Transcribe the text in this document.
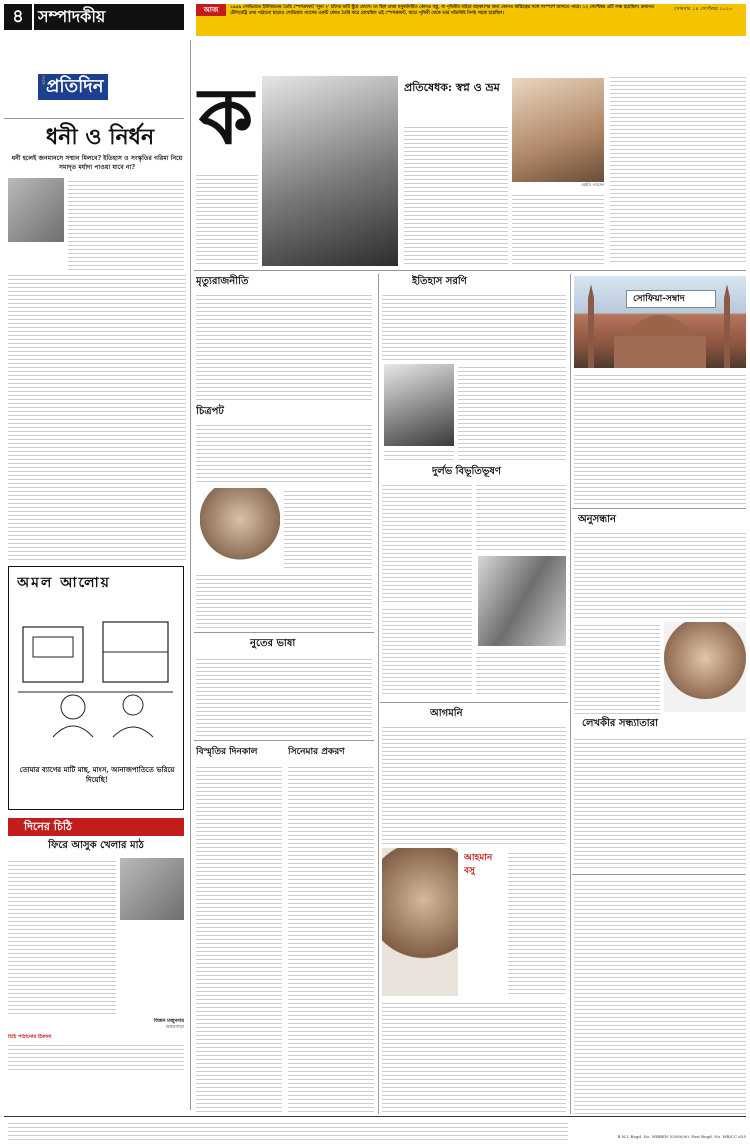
৪ সম্পাদকীয়
সংবাদ প্রতিদিন
আজ	১৯৫৯ সোভিয়েত ইউনিয়নের তৈরি স্পেসক্রাফট 'লুনা ২' চাঁদের মাটি ছুঁয়ে ফেলে। তা ছিল প্রথম মনুষ্যনির্মিত কোনও বস্তু, যা পৃথিবীর বাইরে মহাকাশের অন্য কোনও অস্তিত্বের সঙ্গে সংস্পর্শে আসতে পারে। ১২ সেপ্টেম্বর এটি লঞ্চ হয়েছিল। ক্রমাগত টেলিমেট্রি তথ্য পাঠানো ছাড়াও সোডিয়াম গ্যাসের একটি মেঘও তৈরি করে রেখেছিল এই স্পেসক্রাফট, যাতে পৃথিবী থেকে তার গতিবিধি নির্ণয় সহজ হয়েছিল।
সোমবার ১৪ সেপ্টেম্বর ২০২০
ধনী ও নির্ধন
ধনী হলেই জনমানসে সম্মান মিলবে? ইতিহাস ও সংস্কৃতির গরিমা নিয়ে সমাদৃত মর্যাদা পাওয়া যাবে না?
অমল আলোয়
তোমার ব্যাগের মাটি মাছ, মাংস, আনাজপাতিতে ভরিয়ে দিয়েছি!
দিনের চিঠি
ফিরে আসুক খেলার মাঠ
বিজন মজুমদার
উত্তরপাড়া
চিঠি পাঠানোর ঠিকানা
ক	প্রতিষেধক: স্বপ্ন ও ভ্রম
হেইডি লারসন
মৃত্যুরাজনীতি
চিত্রপট
নুতের ভাষা
বিস্মৃতির দিনকাল	সিনেমার প্রকরণ
ইতিহাস সরণি
দুর্লভ বিভূতিভূষণ
আগমনি
আহমান বসু
সোফিয়া-সম্বাদ
অনুসন্ধান
লেখকীর সন্ধ্যাতারা
R.N.I. Regd. No. WBBEN 53080/90, Post Regd. No. WB/CC 635
